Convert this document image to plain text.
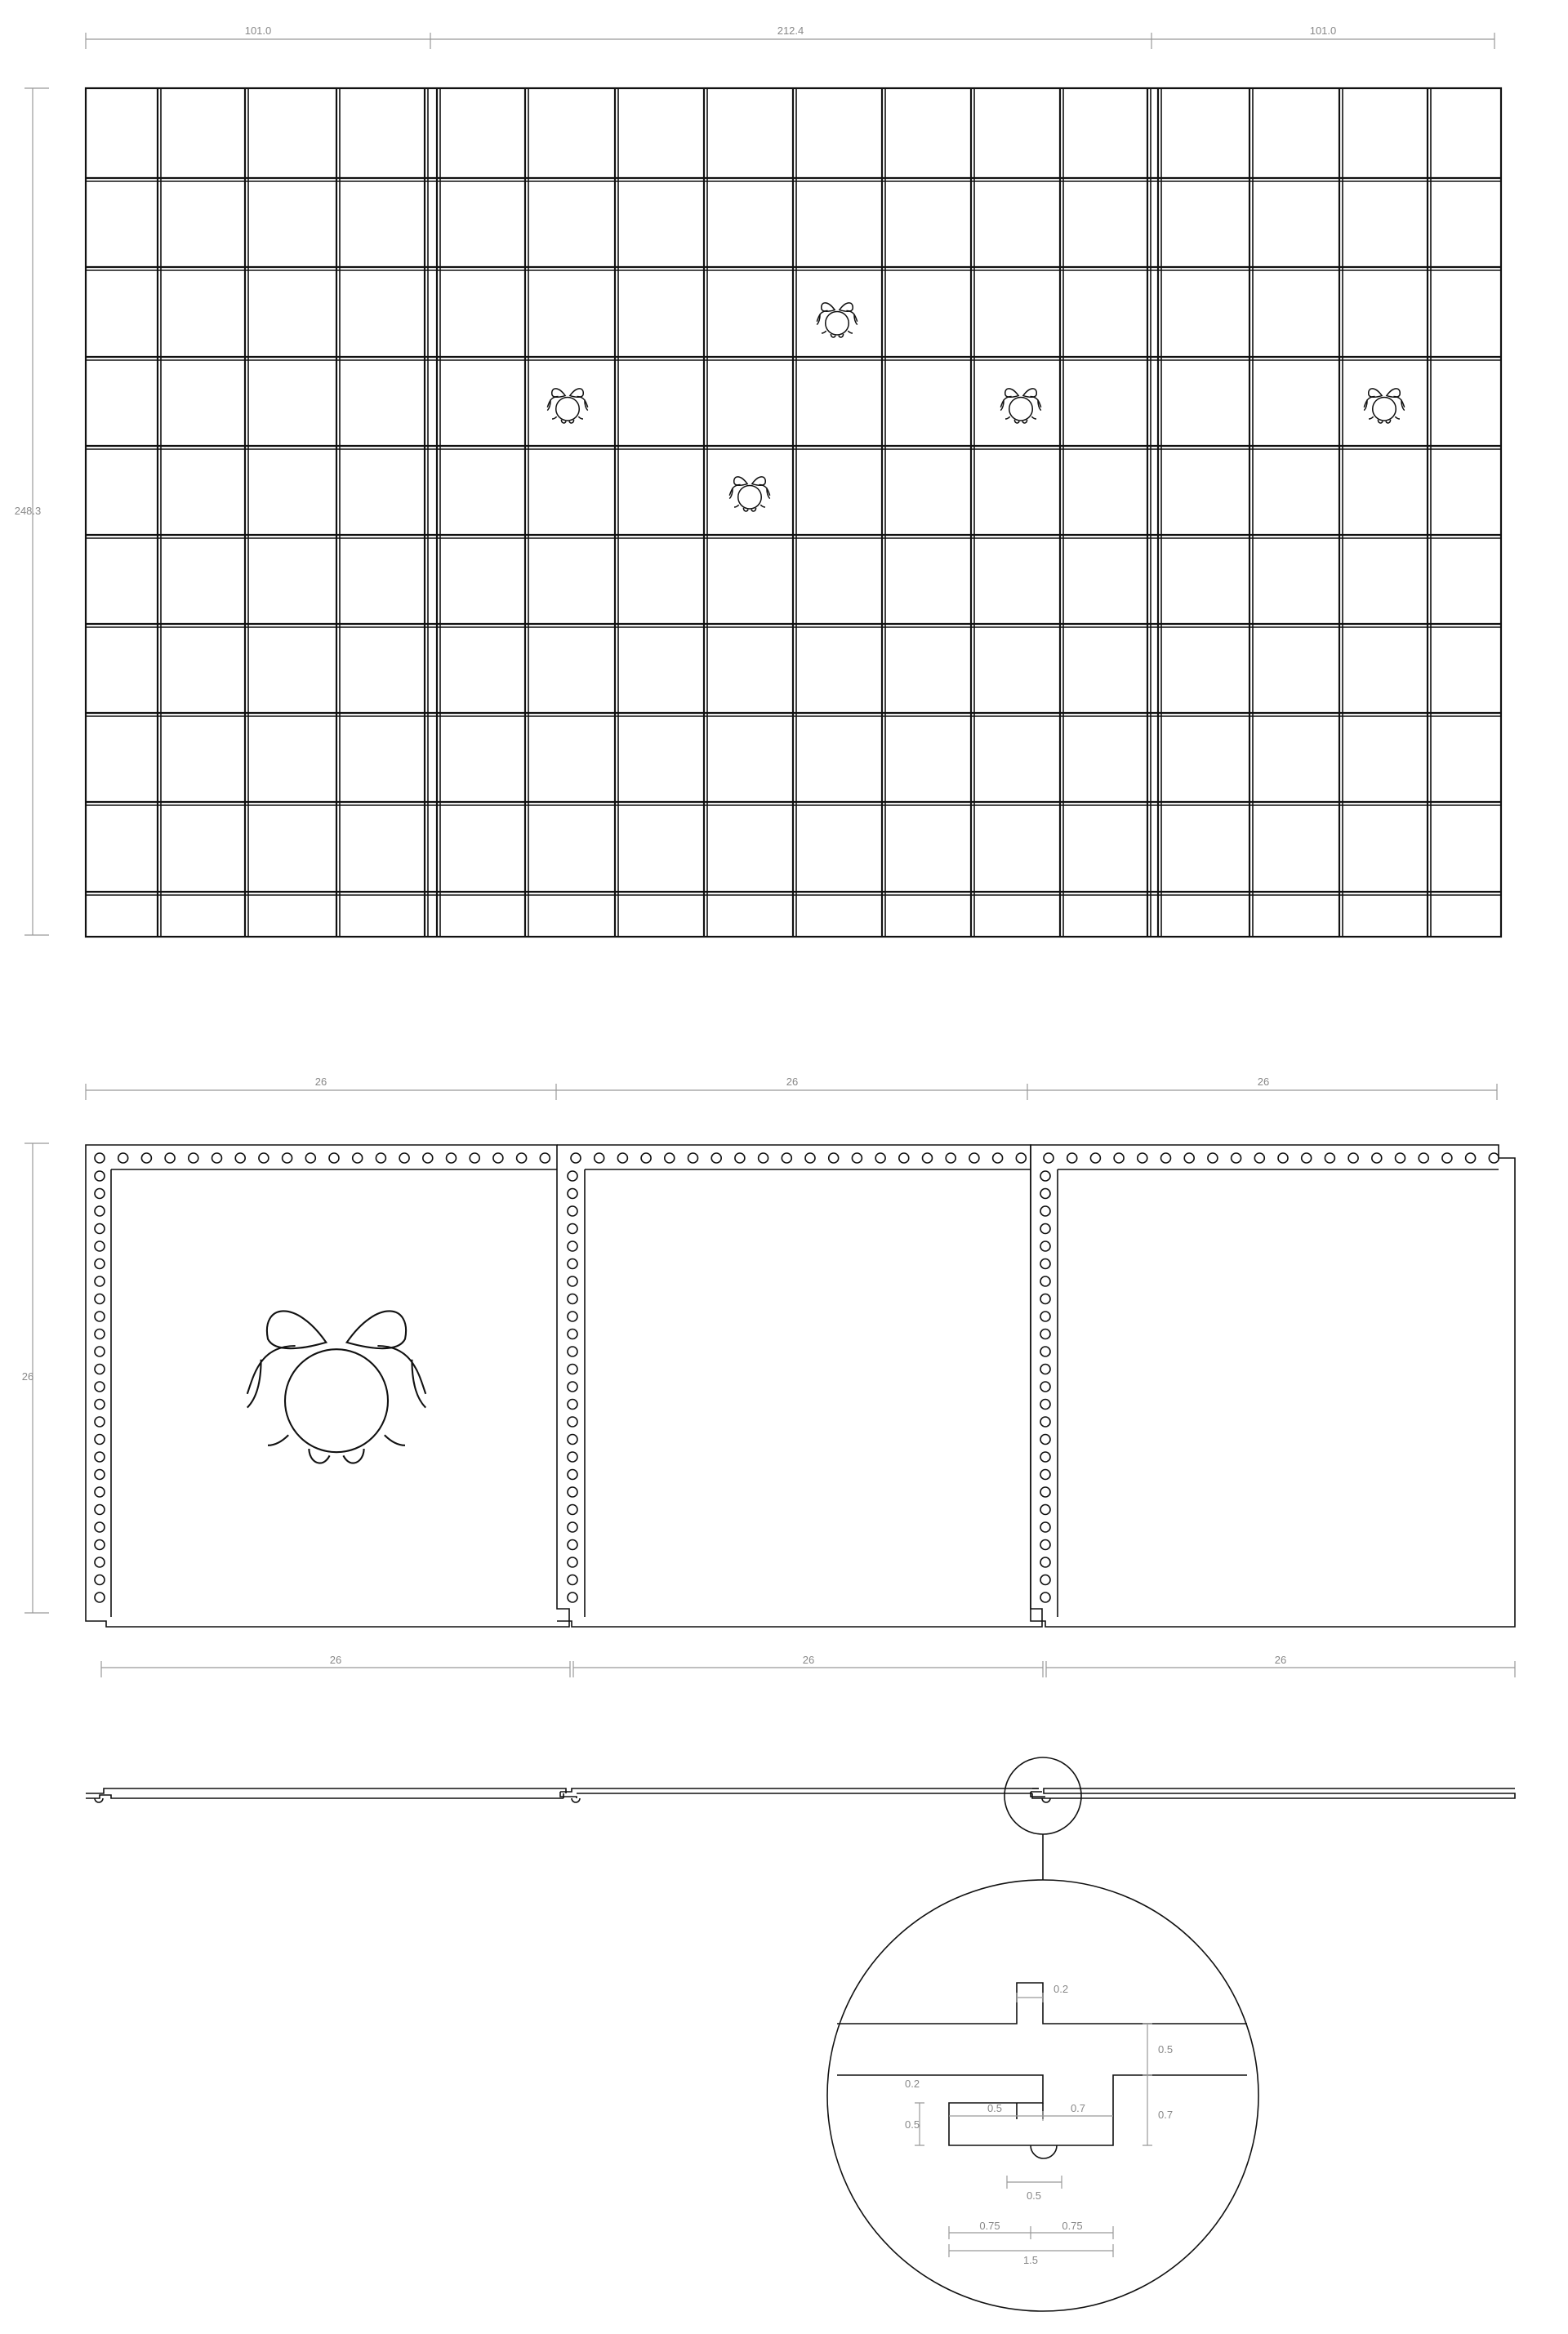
101.0	212.4	101.0
248.3
26	26	26
26
26	26	26
0.2
0.5
0.2
0.5
0.5	0.7
0.7
0.5
0.75	0.75
1.5
